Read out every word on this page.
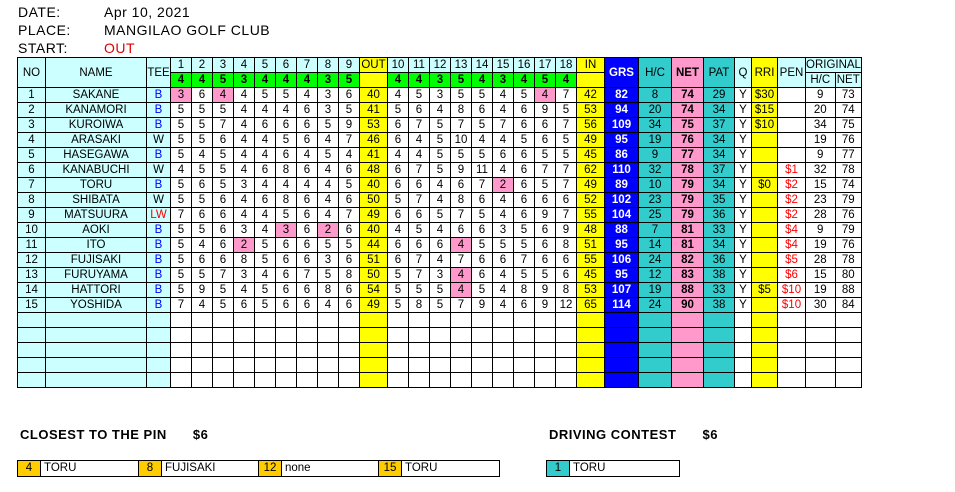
DATE:	Apr 10, 2021
PLACE: MANGILAO GOLF CLUB
START:	OUT
NO	NAME	TEE	1	2	3	4	5	6	7	8	9	OUT	10	11	12	13	14	15	16	17	18	IN	GRS	H/C	NET	PAT	Q	RRI	PEN	ORIGINAL	
			4	4	5	3	4	4	4	3	5		4	4	3	5	4	3	4	5	4									H/C	NET
1	SAKANE	B	3	6	4	4	5	5	4	3	6	40	4	5	3	5	5	4	5	4	7	42	82	8	74	29	Y	$30		9	73
2	KANAMORI	B	5	5	5	4	4	4	6	3	5	41	5	6	4	8	6	4	6	9	5	53	94	20	74	34	Y	$15		20	74
3	KUROIWA	B	5	5	7	4	6	6	6	5	9	53	6	7	5	7	5	7	6	6	7	56	109	34	75	37	Y	$10		34	75
4	ARASAKI	W	5	5	6	4	4	5	6	4	7	46	6	4	5	10	4	4	5	6	5	49	95	19	76	34	Y			19	76
5	HASEGAWA	B	5	4	5	4	4	6	4	5	4	41	4	4	5	5	5	6	6	5	5	45	86	9	77	34	Y			9	77
6	KANABUCHI	W	4	5	5	4	6	8	6	4	6	48	6	7	5	9	11	4	6	7	7	62	110	32	78	37	Y		$1	32	78
7	TORU	B	5	6	5	3	4	4	4	4	5	40	6	6	4	6	7	2	6	5	7	49	89	10	79	34	Y	$0	$2	15	74
8	SHIBATA	W	5	5	6	4	6	8	6	4	6	50	5	7	4	8	6	4	6	6	6	52	102	23	79	35	Y		$2	23	79
9	MATSUURA	LW	7	6	6	4	4	5	6	4	7	49	6	6	5	7	5	4	6	9	7	55	104	25	79	36	Y		$2	28	76
10	AOKI	B	5	5	6	3	4	3	6	2	6	40	4	5	4	6	6	3	5	6	9	48	88	7	81	33	Y		$4	9	79
11	ITO	B	5	4	6	2	5	6	6	5	5	44	6	6	6	4	5	5	5	6	8	51	95	14	81	34	Y		$4	19	76
12	FUJISAKI	B	5	6	6	8	5	6	6	3	6	51	6	7	4	7	6	6	7	6	6	55	106	24	82	36	Y		$5	28	78
13	FURUYAMA	B	5	5	7	3	4	6	7	5	8	50	5	7	3	4	6	4	5	5	6	45	95	12	83	38	Y		$6	15	80
14	HATTORI	B	5	9	5	4	5	6	6	8	6	54	5	5	5	4	5	4	8	9	8	53	107	19	88	33	Y	$5	$10	19	88
15	YOSHIDA	B	7	4	5	6	5	6	6	4	6	49	5	8	5	7	9	4	6	9	12	65	114	24	90	38	Y		$10	30	84

CLOSEST TO THE PIN $6	DRIVING CONTEST $6
4	TORU	8	FUJISAKI	12 none	15 TORU	1	TORU
